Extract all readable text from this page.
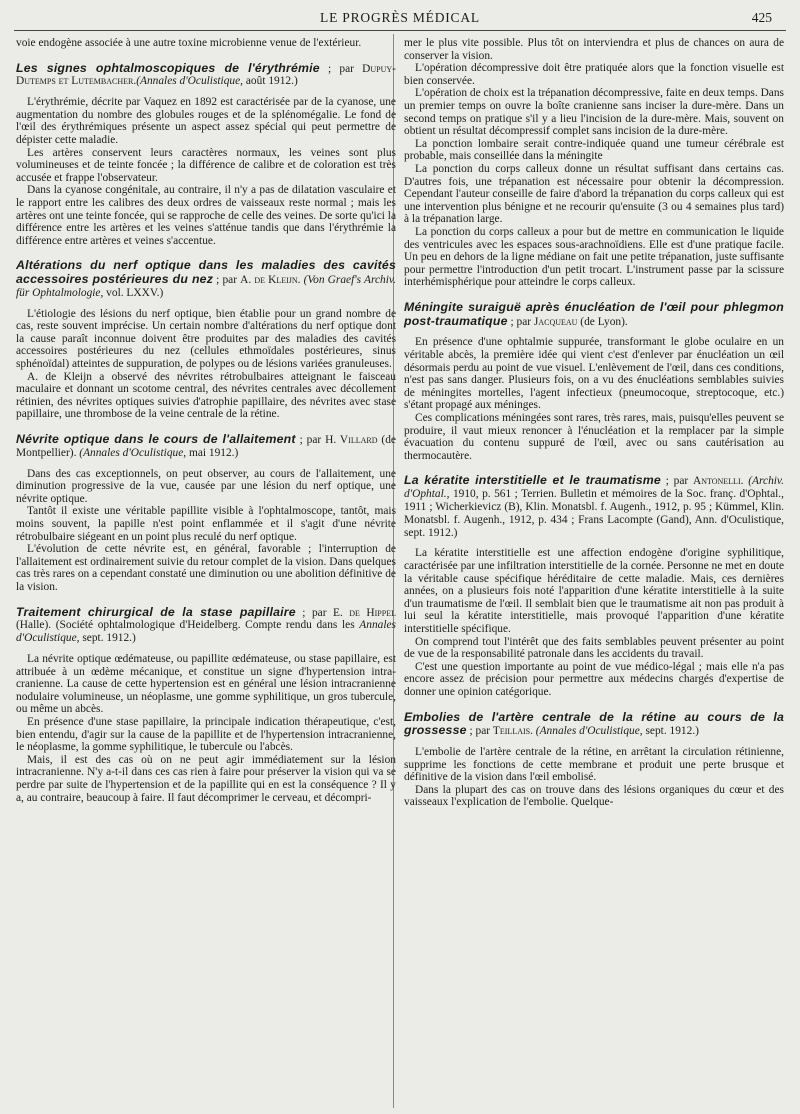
LE PROGRÈS MÉDICAL	425

voie endogène associée à une autre toxine microbienne venue de l'extérieur.

Les signes ophtalmoscopiques de l'érythrémie ; par Dupuy-Dutemps et Lutembacher.(Annales d'Oculistique, août 1912.)

L'érythrémie, décrite par Vaquez en 1892 est caractérisée par de la cyanose, une augmentation du nombre des globules rouges et de la splénomégalie. Le fond de l'œil des érythrémiques présente un aspect assez spécial qui peut permettre de dépister cette maladie.

Les artères conservent leurs caractères normaux, les veines sont plus volumineuses et de teinte foncée ; la différence de calibre et de coloration est très accusée et frappe l'observateur.

Dans la cyanose congénitale, au contraire, il n'y a pas de dilatation vasculaire et le rapport entre les calibres des deux ordres de vaisseaux reste normal ; mais les artères ont une teinte foncée, qui se rapproche de celle des veines. De sorte qu'ici la différence entre les artères et les veines s'atténue tandis que dans l'érythrémie la différence entre artères et veines s'accentue.

Altérations du nerf optique dans les maladies des cavités accessoires postérieures du nez ; par A. de Kleijn. (Von Graef's Archiv. für Ophtalmologie, vol. LXXV.)

L'étiologie des lésions du nerf optique, bien établie pour un grand nombre de cas, reste souvent imprécise. Un certain nombre d'altérations du nerf optique dont la cause paraît inconnue doivent être produites par des maladies des cavités accessoires postérieures du nez (cellules ethmoïdales postérieures, sinus sphénoïdal) atteintes de suppuration, de polypes ou de lésions variées granuleuses.

A. de Kleijn a observé des névrites rétrobulbaires atteignant le faisceau maculaire et donnant un scotome central, des névrites centrales avec décollement rétinien, des névrites optiques suivies d'atrophie papillaire, des névrites avec stase papillaire, une thrombose de la veine centrale de la rétine.

Névrite optique dans le cours de l'allaitement ; par H. Villard (de Montpellier). (Annales d'Oculistique, mai 1912.)

Dans des cas exceptionnels, on peut observer, au cours de l'allaitement, une diminution progressive de la vue, causée par une lésion du nerf optique, une névrite optique.

Tantôt il existe une véritable papillite visible à l'ophtalmoscope, tantôt, mais moins souvent, la papille n'est point enflammée et il s'agit d'une névrite rétrobulbaire siégeant en un point plus reculé du nerf optique.

L'évolution de cette névrite est, en général, favorable ; l'interruption de l'allaitement est ordinairement suivie du retour complet de la vision. Dans quelques cas très rares on a cependant constaté une diminution ou une abolition définitive de la vision.

Traitement chirurgical de la stase papillaire ; par E. de Hippel (Halle). (Société ophtalmologique d'Heidelberg. Compte rendu dans les Annales d'Oculistique, sept. 1912.)

La névrite optique œdémateuse, ou papillite œdémateuse, ou stase papillaire, est attribuée à un œdème mécanique, et constitue un signe d'hypertension intra-cranienne. La cause de cette hypertension est en général une lésion intracranienne nodulaire volumineuse, un néoplasme, une gomme syphilitique, un gros tubercule, ou même un abcès.

En présence d'une stase papillaire, la principale indication thérapeutique, c'est, bien entendu, d'agir sur la cause de la papillite et de l'hypertension intracranienne, le néoplasme, la gomme syphilitique, le tubercule ou l'abcès.

Mais, il est des cas où on ne peut agir immédiatement sur la lésion intracranienne. N'y a-t-il dans ces cas rien à faire pour préserver la vision qui va se perdre par suite de l'hypertension et de la papillite qui en est la conséquence ? Il y a, au contraire, beaucoup à faire. Il faut décomprimer le cerveau, et décompri-

mer le plus vite possible. Plus tôt on interviendra et plus de chances on aura de conserver la vision.

L'opération décompressive doit être pratiquée alors que la fonction visuelle est bien conservée.

L'opération de choix est la trépanation décompressive, faite en deux temps. Dans un premier temps on ouvre la boîte cranienne sans inciser la dure-mère. Dans un second temps on pratique s'il y a lieu l'incision de la dure-mère. Mais, souvent on obtient un résultat décompressif complet sans incision de la dure-mère.

La ponction lombaire serait contre-indiquée quand une tumeur cérébrale est probable, mais conseillée dans la méningite

La ponction du corps calleux donne un résultat suffisant dans certains cas. D'autres fois, une trépanation est nécessaire pour obtenir la décompression. Cependant l'auteur conseille de faire d'abord la trépanation du corps calleux qui est une intervention plus bénigne et ne recourir qu'ensuite (3 ou 4 semaines plus tard) à la trépanation large.

La ponction du corps calleux a pour but de mettre en communication le liquide des ventricules avec les espaces sous-arachnoïdiens. Elle est d'une pratique facile. Un peu en dehors de la ligne médiane on fait une petite trépanation, juste suffisante pour permettre l'introduction d'un petit trocart. L'instrument passe par la scissure interhémisphérique pour atteindre le corps calleux.

Méningite suraiguë après énucléation de l'œil pour phlegmon post-traumatique ; par Jacqueau (de Lyon).

En présence d'une ophtalmie suppurée, transformant le globe oculaire en un véritable abcès, la première idée qui vient c'est d'enlever par énucléation un œil désormais perdu au point de vue visuel. L'enlèvement de l'œil, dans ces conditions, n'est pas sans danger. Plusieurs fois, on a vu des énucléations semblables suivies de méningites mortelles, l'agent infectieux (pneumocoque, streptocoque, etc.) s'étant propagé aux méninges.

Ces complications méningées sont rares, très rares, mais, puisqu'elles peuvent se produire, il vaut mieux renoncer à l'énucléation et la remplacer par la simple évacuation du contenu suppuré de l'œil, avec ou sans cautérisation au thermocautère.

La kératite interstitielle et le traumatisme ; par Antonelli. (Archiv. d'Ophtal., 1910, p. 561 ; Terrien. Bulletin et mémoires de la Soc. franç. d'Ophtal., 1911 ; Wicherkievicz (B), Klin. Monatsbl. f. Augenh., 1912, p. 95 ; Kümmel, Klin. Monatsbl. f. Augenh., 1912, p. 434 ; Frans Lacompte (Gand), Ann. d'Oculistique, sept. 1912.)

La kératite interstitielle est une affection endogène d'origine syphilitique, caractérisée par une infiltration interstitielle de la cornée. Personne ne met en doute la véritable cause spécifique héréditaire de cette maladie. Mais, ces dernières années, on a plusieurs fois noté l'apparition d'une kératite interstitielle à la suite d'un traumatisme de l'œil. Il semblait bien que le traumatisme ait non pas produit à lui seul la kératite interstitielle, mais provoqué l'apparition d'une kératite interstitielle spécifique.

On comprend tout l'intérêt que des faits semblables peuvent présenter au point de vue de la responsabilité patronale dans les accidents du travail.

C'est une question importante au point de vue médico-légal ; mais elle n'a pas encore assez de précision pour permettre aux médecins chargés d'expertise de donner une opinion catégorique.

Embolies de l'artère centrale de la rétine au cours de la grossesse ; par Teillais. (Annales d'Oculistique, sept. 1912.)

L'embolie de l'artère centrale de la rétine, en arrêtant la circulation rétinienne, supprime les fonctions de cette membrane et produit une perte brusque et définitive de la vision dans l'œil embolisé.

Dans la plupart des cas on trouve dans des lésions organiques du cœur et des vaisseaux l'explication de l'embolie. Quelque-
